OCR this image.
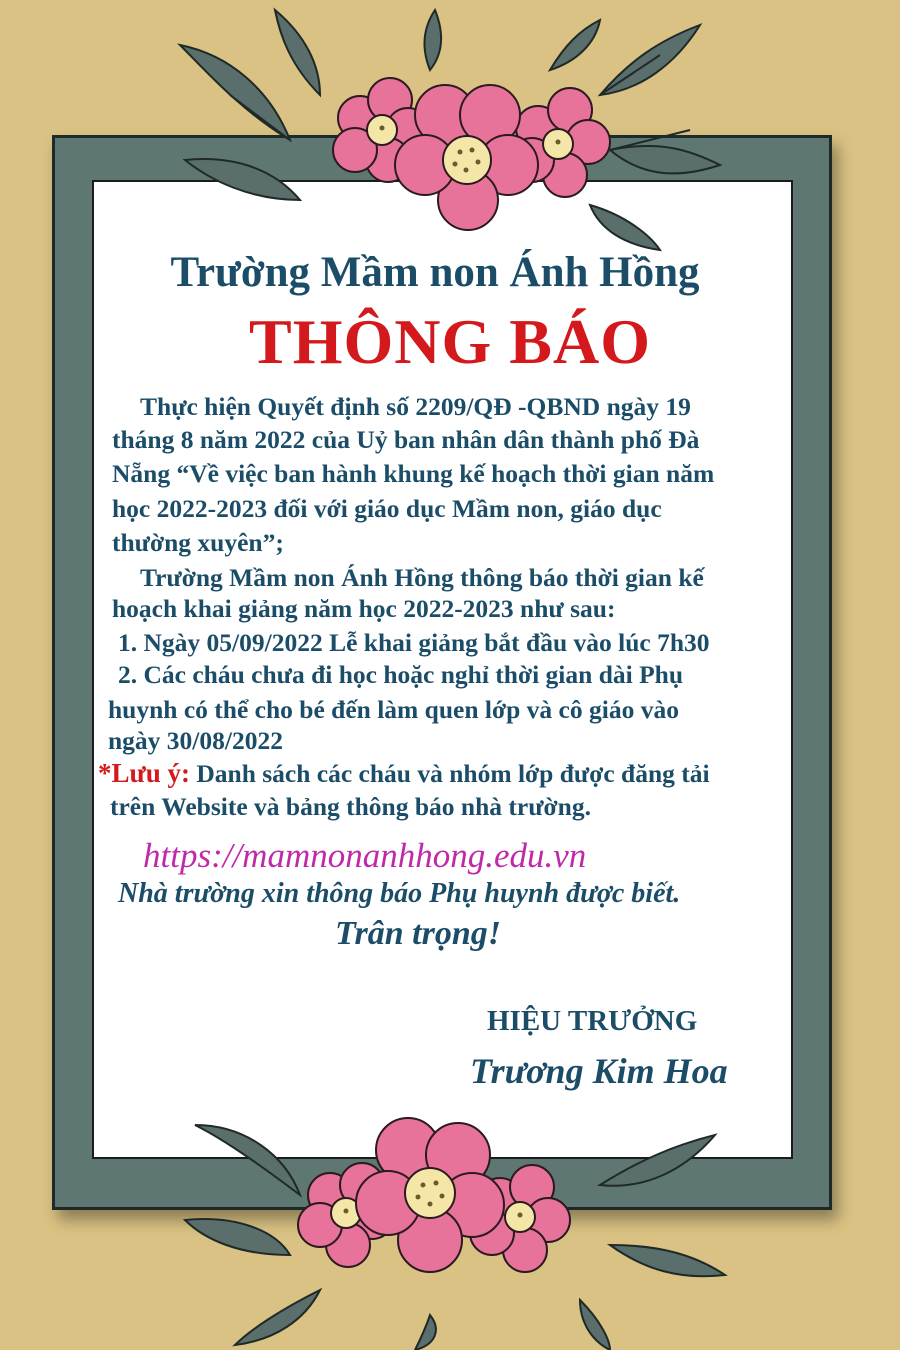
Trường Mầm non Ánh Hồng
THÔNG BÁO
Thực hiện Quyết định số 2209/QĐ -QBND ngày 19
tháng 8 năm 2022 của Uỷ ban nhân dân thành phố Đà
Nẵng “Về việc ban hành khung kế hoạch thời gian năm
học 2022-2023 đối với giáo dục Mầm non, giáo dục
thường xuyên”;
Trường Mầm non Ánh Hồng thông báo thời gian kế
hoạch khai giảng năm học 2022-2023 như sau:
1. Ngày 05/09/2022 Lễ khai giảng bắt đầu vào lúc 7h30
2. Các cháu chưa đi học hoặc nghỉ thời gian dài Phụ
huynh có thể cho bé đến làm quen lớp và cô giáo vào
ngày 30/08/2022
*Lưu ý: Danh sách các cháu và nhóm lớp được đăng tải
trên Website và bảng thông báo nhà trường.
https://mamnonanhhong.edu.vn
Nhà trường xin thông báo Phụ huynh được biết.
Trân trọng!
HIỆU TRƯỞNG
Trương Kim Hoa
